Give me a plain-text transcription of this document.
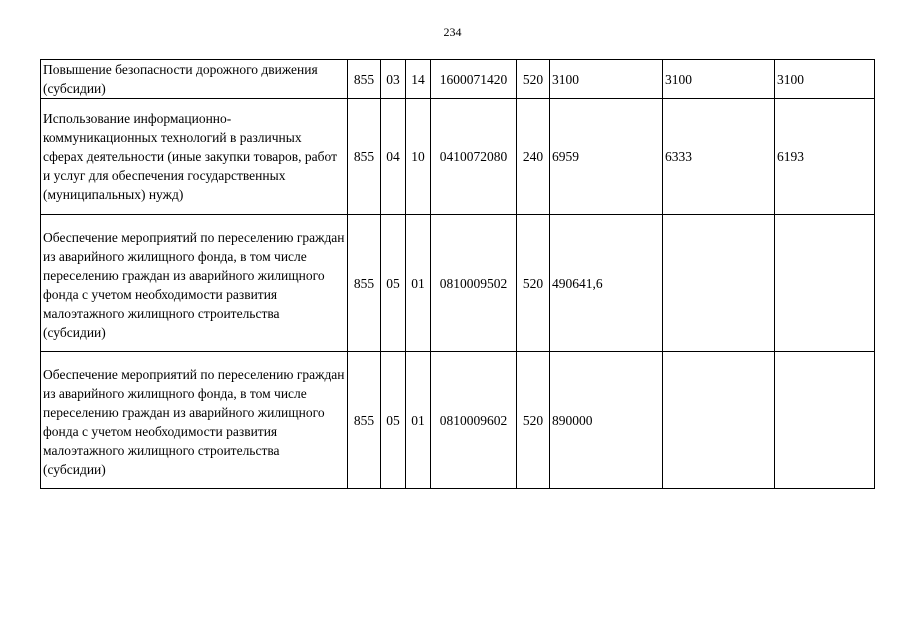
234
Повышение безопасности дорожного движения (субсидии)	855	03	14	1600071420	520	3100	3100	3100
Использование информационно-коммуникационных технологий в различных сферах деятельности (иные закупки товаров, работ и услуг для обеспечения государственных (муниципальных) нужд)	855	04	10	0410072080	240	6959	6333	6193
Обеспечение мероприятий по переселению граждан из аварийного жилищного фонда, в том числе переселению граждан из аварийного жилищного фонда с учетом необходимости развития малоэтажного жилищного строительства (субсидии)	855	05	01	0810009502	520	490641,6		
Обеспечение мероприятий по переселению граждан из аварийного жилищного фонда, в том числе переселению граждан из аварийного жилищного фонда с учетом необходимости развития малоэтажного жилищного строительства (субсидии)	855	05	01	0810009602	520	890000		
